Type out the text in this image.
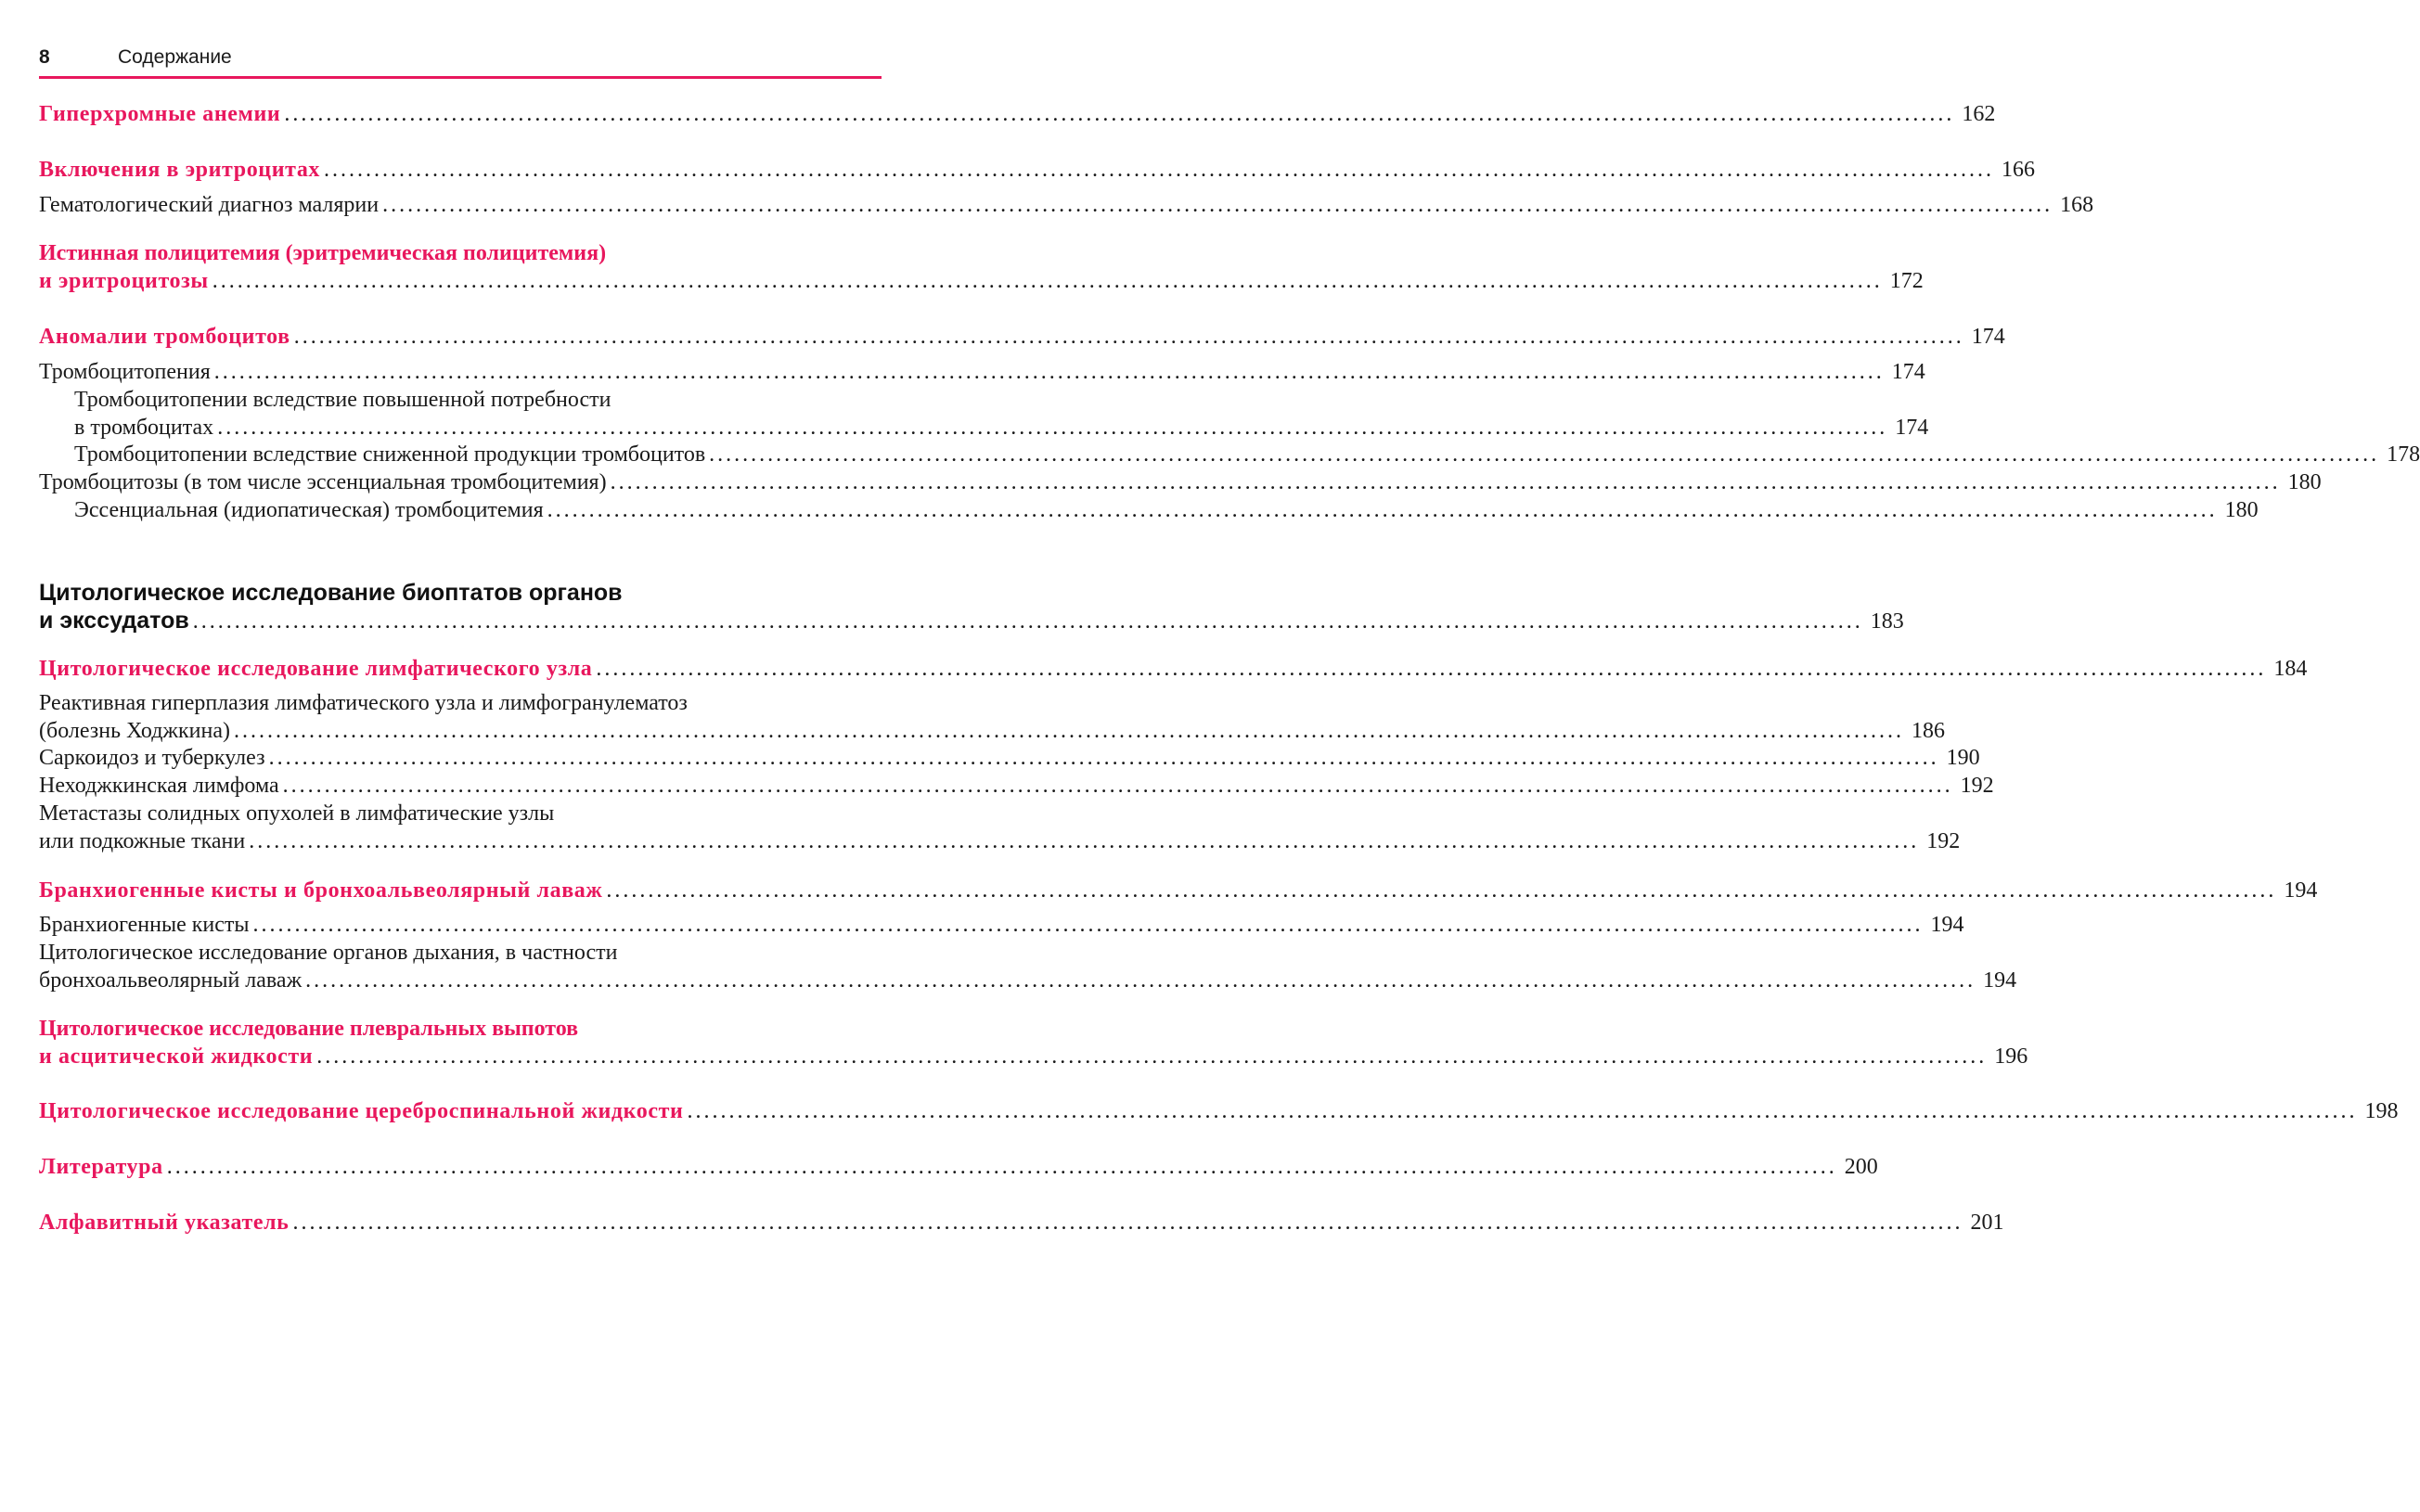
8	Содержание
Гиперхромные анемии ........................................................................................................................................................................................................ 162
Включения в эритроцитах ........................................................................................................................................................................................................ 166
Гематологический диагноз малярии ........................................................................................................................................................................................................ 168
Истинная полицитемия (эритремическая полицитемия)
и эритроцитозы ........................................................................................................................................................................................................ 172
Аномалии тромбоцитов ........................................................................................................................................................................................................ 174
Тромбоцитопения ........................................................................................................................................................................................................ 174
Тромбоцитопении вследствие повышенной потребности
в тромбоцитах ........................................................................................................................................................................................................ 174
Тромбоцитопении вследствие сниженной продукции тромбоцитов ........................................................................................................................................................................................................ 178
Тромбоцитозы (в том числе эссенциальная тромбоцитемия) ........................................................................................................................................................................................................ 180
Эссенциальная (идиопатическая) тромбоцитемия ........................................................................................................................................................................................................ 180
Цитологическое исследование биоптатов органов
и экссудатов ........................................................................................................................................................................................................ 183
Цитологическое исследование лимфатического узла ........................................................................................................................................................................................................ 184
Реактивная гиперплазия лимфатического узла и лимфогранулематоз
(болезнь Ходжкина) ........................................................................................................................................................................................................ 186
Саркоидоз и туберкулез ........................................................................................................................................................................................................ 190
Неходжкинская лимфома ........................................................................................................................................................................................................ 192
Метастазы солидных опухолей в лимфатические узлы
или подкожные ткани ........................................................................................................................................................................................................ 192
Бранхиогенные кисты и бронхоальвеолярный лаваж ........................................................................................................................................................................................................ 194
Бранхиогенные кисты ........................................................................................................................................................................................................ 194
Цитологическое исследование органов дыхания, в частности
бронхоальвеолярный лаваж ........................................................................................................................................................................................................ 194
Цитологическое исследование плевральных выпотов
и асцитической жидкости ........................................................................................................................................................................................................ 196
Цитологическое исследование цереброспинальной жидкости ........................................................................................................................................................................................................ 198
Литература ........................................................................................................................................................................................................ 200
Алфавитный указатель ........................................................................................................................................................................................................ 201
